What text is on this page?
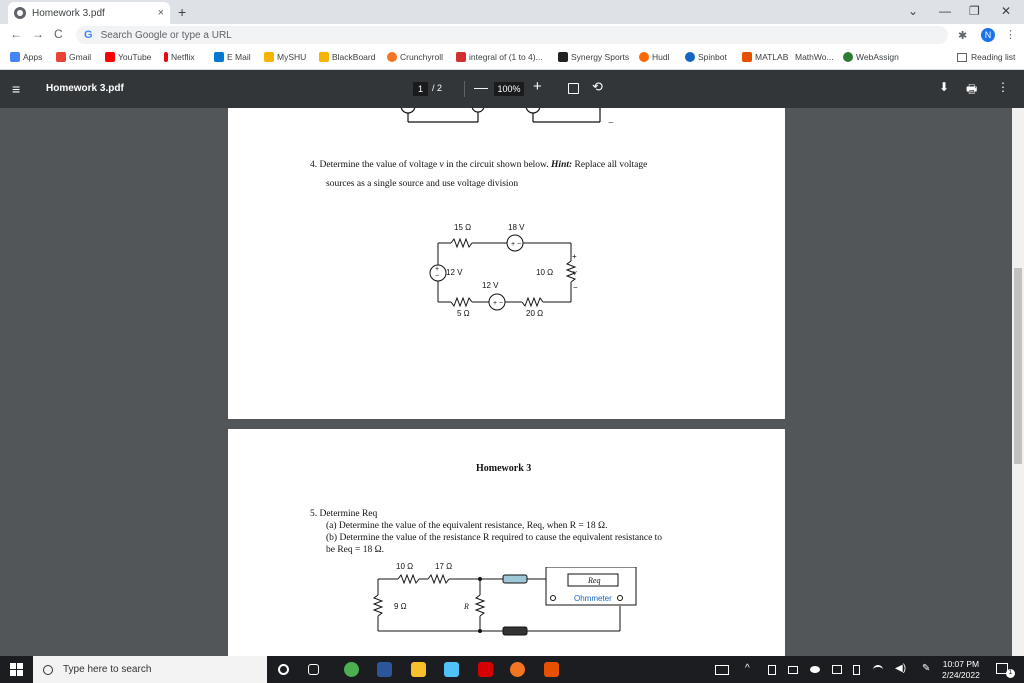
Homework 3.pdf	× +	⌄ — ❐ ✕
← → C G Search Google or type a URL	✱	N	⋮
Apps	Gmail	YouTube Netflix	E Mail	MySHU	BlackBoard	Crunchyroll	integral of (1 to 4)...	Synergy Sports	Hudl	Spinbot	MATLAB MathWo...	WebAssign	Reading list
≡	Homework 3.pdf	1	/ 2 —	100% +	⟲	⬇ 🖶 ⋮
−
4. Determine the value of voltage v in the circuit shown below. Hint: Replace all voltage
sources as a single source and use voltage division
+ −
+
−
+ −
15 Ω	18 V
12 V	10 Ω
+
v
−
12 V
5 Ω	20 Ω
Homework 3
5. Determine Req
(a) Determine the value of the equivalent resistance, Req, when R = 18 Ω.
(b) Determine the value of the resistance R required to cause the equivalent resistance to
be Req = 18 Ω.
10 Ω	17 Ω
9 Ω	R
Req
Ohmmeter
Type here to search	^	◀) ✎ 10:07 PM
2/24/2022	1
